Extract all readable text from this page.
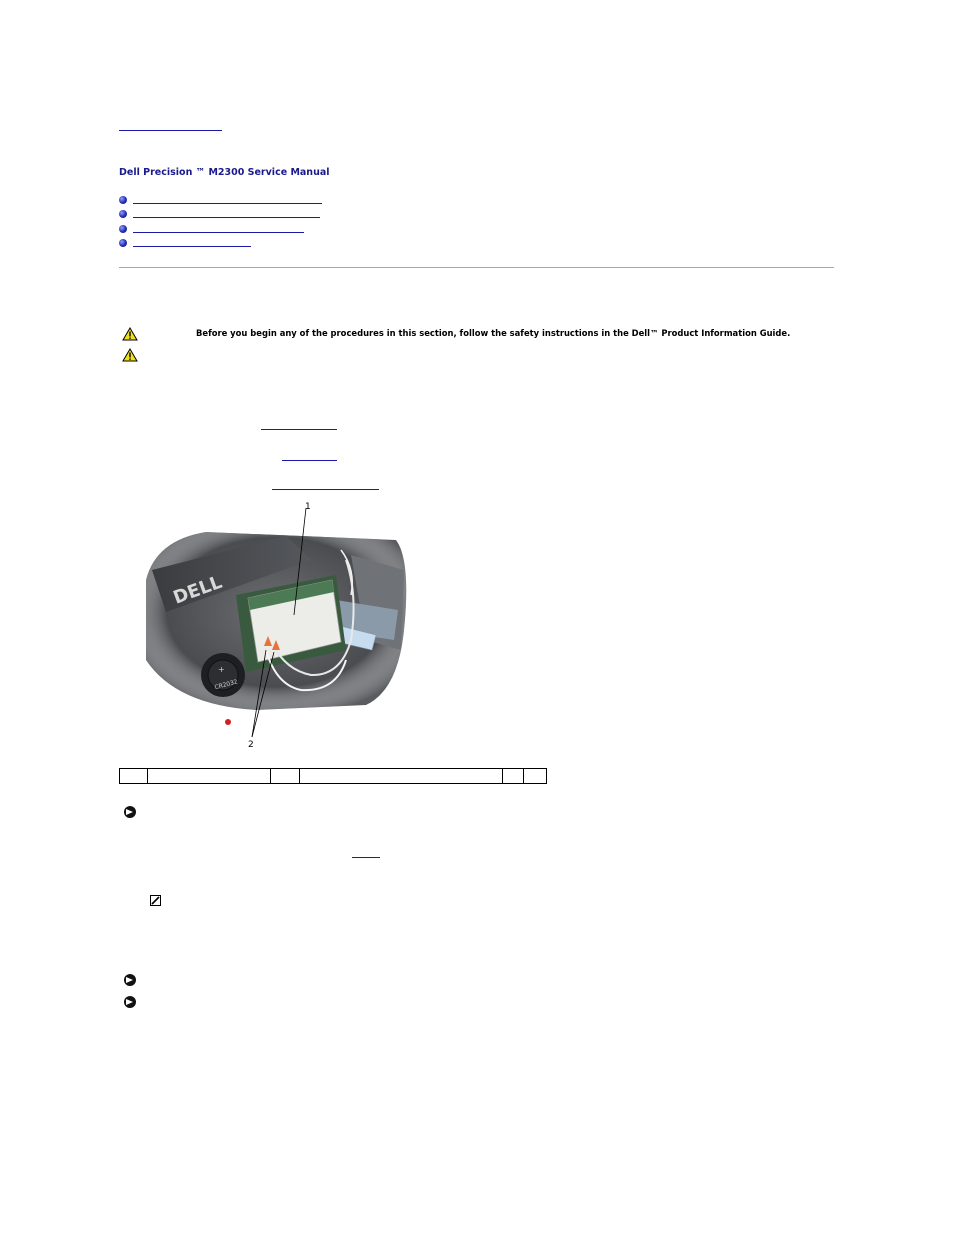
Dell Precision ™ M2300 Service Manual
Before you begin any of the procedures in this section, follow the safety instructions in the Dell™ Product Information Guide.
DELL
CR2032
+
1
2
